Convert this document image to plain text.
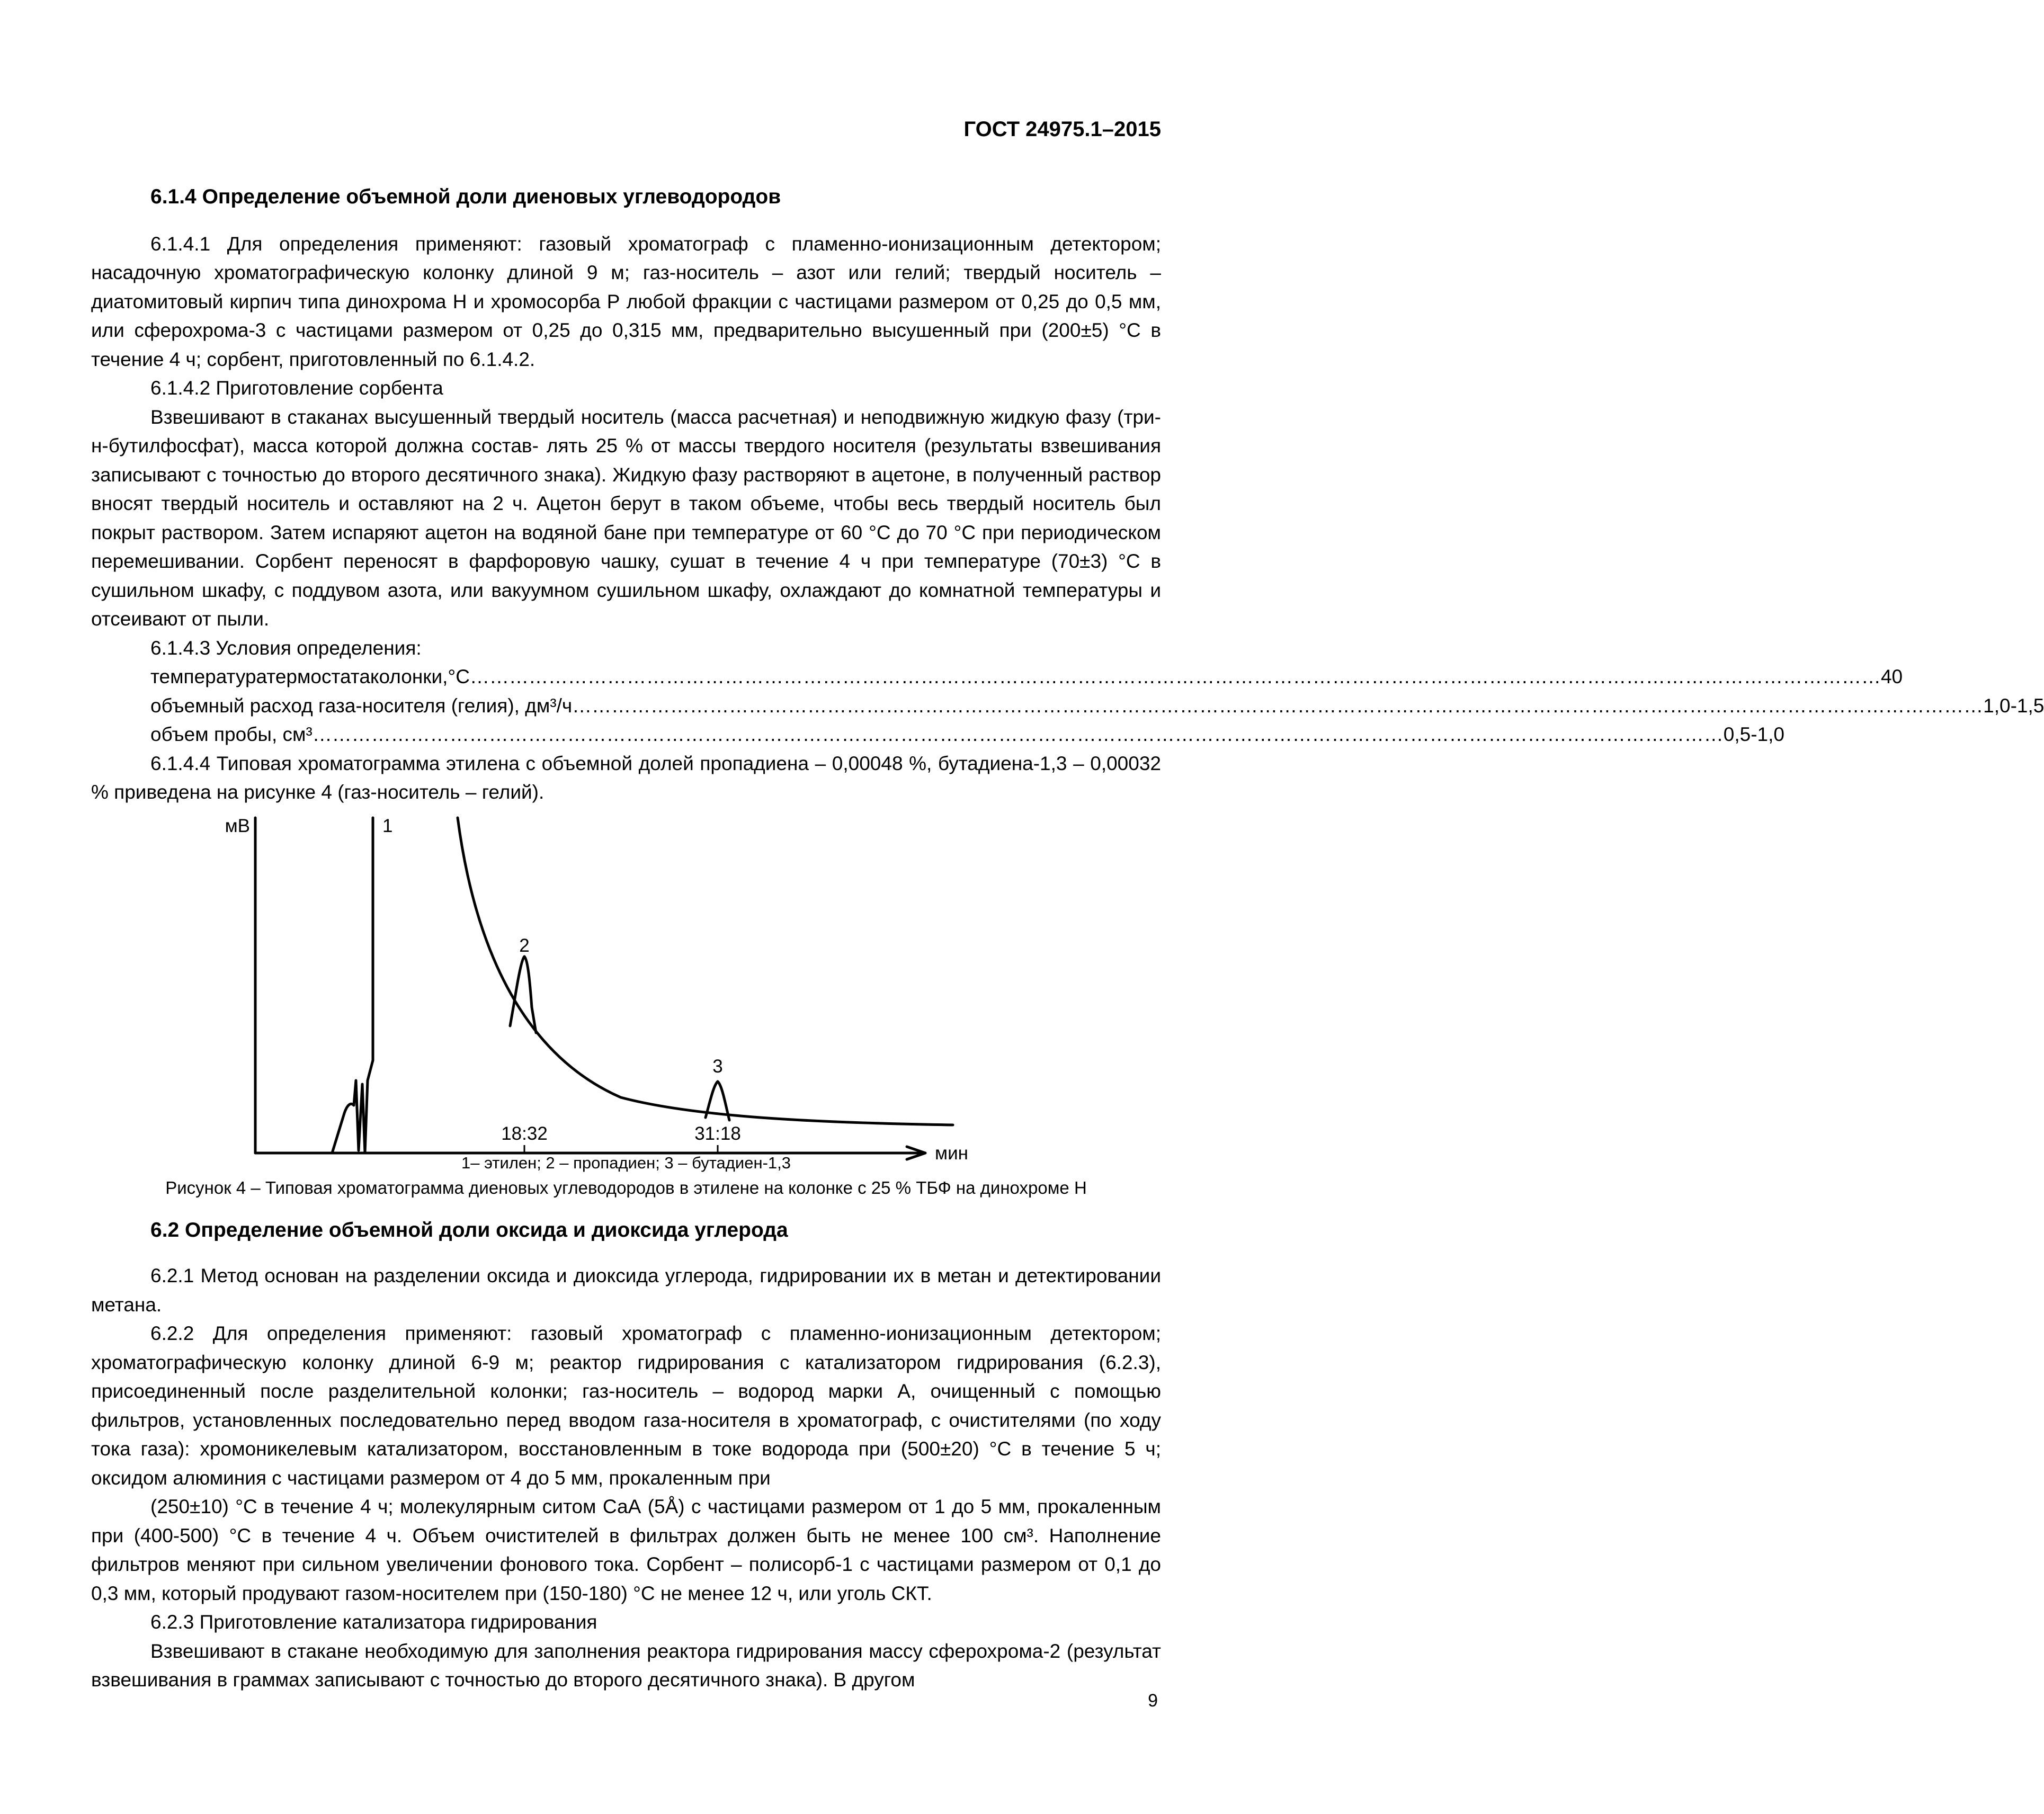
ГОСТ 24975.1–2015

6.1.4 Определение объемной доли диеновых углеводородов

6.1.4.1 Для определения применяют: газовый хроматограф с пламенно-ионизационным детектором; насадочную хроматографическую колонку длиной 9 м; газ-носитель – азот или гелий; твердый носитель – диатомитовый кирпич типа динохрома Н и хромосорба Р любой фракции с частицами размером от 0,25 до 0,5 мм, или сферохрома-3 с частицами размером от 0,25 до 0,315 мм, предварительно высушенный при (200±5) °С в течение 4 ч; сорбент, приготовленный по 6.1.4.2.

6.1.4.2 Приготовление сорбента

Взвешивают в стаканах высушенный твердый носитель (масса расчетная) и неподвижную жидкую фазу (три-н-бутилфосфат), масса которой должна состав- лять 25 % от массы твердого носителя (результаты взвешивания записывают с точностью до второго десятичного знака). Жидкую фазу растворяют в ацетоне, в полученный раствор вносят твердый носитель и оставляют на 2 ч. Ацетон берут в таком объеме, чтобы весь твердый носитель был покрыт раствором. Затем испаряют ацетон на водяной бане при температуре от 60 °С до 70 °С при периодическом перемешивании. Сорбент переносят в фарфоровую чашку, сушат в течение 4 ч при температуре (70±3) °С в сушильном шкафу, с поддувом азота, или вакуумном сушильном шкафу, охлаждают до комнатной температуры и отсеивают от пыли.

6.1.4.3 Условия определения:

температуратермостатаколонки,°С ………………………………………………………………………………………………………………………………………………………………………………………………	40
объемный расход газа-носителя (гелия), дм³/ч ………………………………………………………………………………………………………………………………………………………………………………………………	1,0-1,5
объем пробы, см³ ………………………………………………………………………………………………………………………………………………………………………………………………	0,5-1,0

6.1.4.4 Типовая хроматограмма этилена с объемной долей пропадиена – 0,00048 %, бутадиена-1,3 – 0,00032 % приведена на рисунке 4 (газ-носитель – гелий).

мВ
мин
1
2
3
18:32	31:18
1– этилен; 2 – пропадиен; 3 – бутадиен-1,3
Рисунок 4 – Типовая хроматограмма диеновых углеводородов в этилене на колонке с 25 % ТБФ на динохроме Н

6.2 Определение объемной доли оксида и диоксида углерода

6.2.1 Метод основан на разделении оксида и диоксида углерода, гидрировании их в метан и детектировании метана.

6.2.2 Для определения применяют: газовый хроматограф с пламенно-ионизационным детектором; хроматографическую колонку длиной 6-9 м; реактор гидрирования с катализатором гидрирования (6.2.3), присоединенный после разделительной колонки; газ-носитель – водород марки А, очищенный с помощью фильтров, установленных последовательно перед вводом газа-носителя в хроматограф, с очистителями (по ходу тока газа): хромоникелевым катализатором, восстановленным в токе водорода при (500±20) °С в течение 5 ч; оксидом алюминия с частицами размером от 4 до 5 мм, прокаленным при

(250±10) °С в течение 4 ч; молекулярным ситом СаА (5Å) с частицами размером от 1 до 5 мм, прокаленным при (400-500) °С в течение 4 ч. Объем очистителей в фильтрах должен быть не менее 100 см³. Наполнение фильтров меняют при сильном увеличении фонового тока. Сорбент – полисорб-1 с частицами размером от 0,1 до 0,3 мм, который продувают газом-носителем при (150-180) °С не менее 12 ч, или уголь СКТ.

6.2.3 Приготовление катализатора гидрирования

Взвешивают в стакане необходимую для заполнения реактора гидрирования массу сферохрома-2 (результат взвешивания в граммах записывают с точностью до второго десятичного знака). В другом

9
